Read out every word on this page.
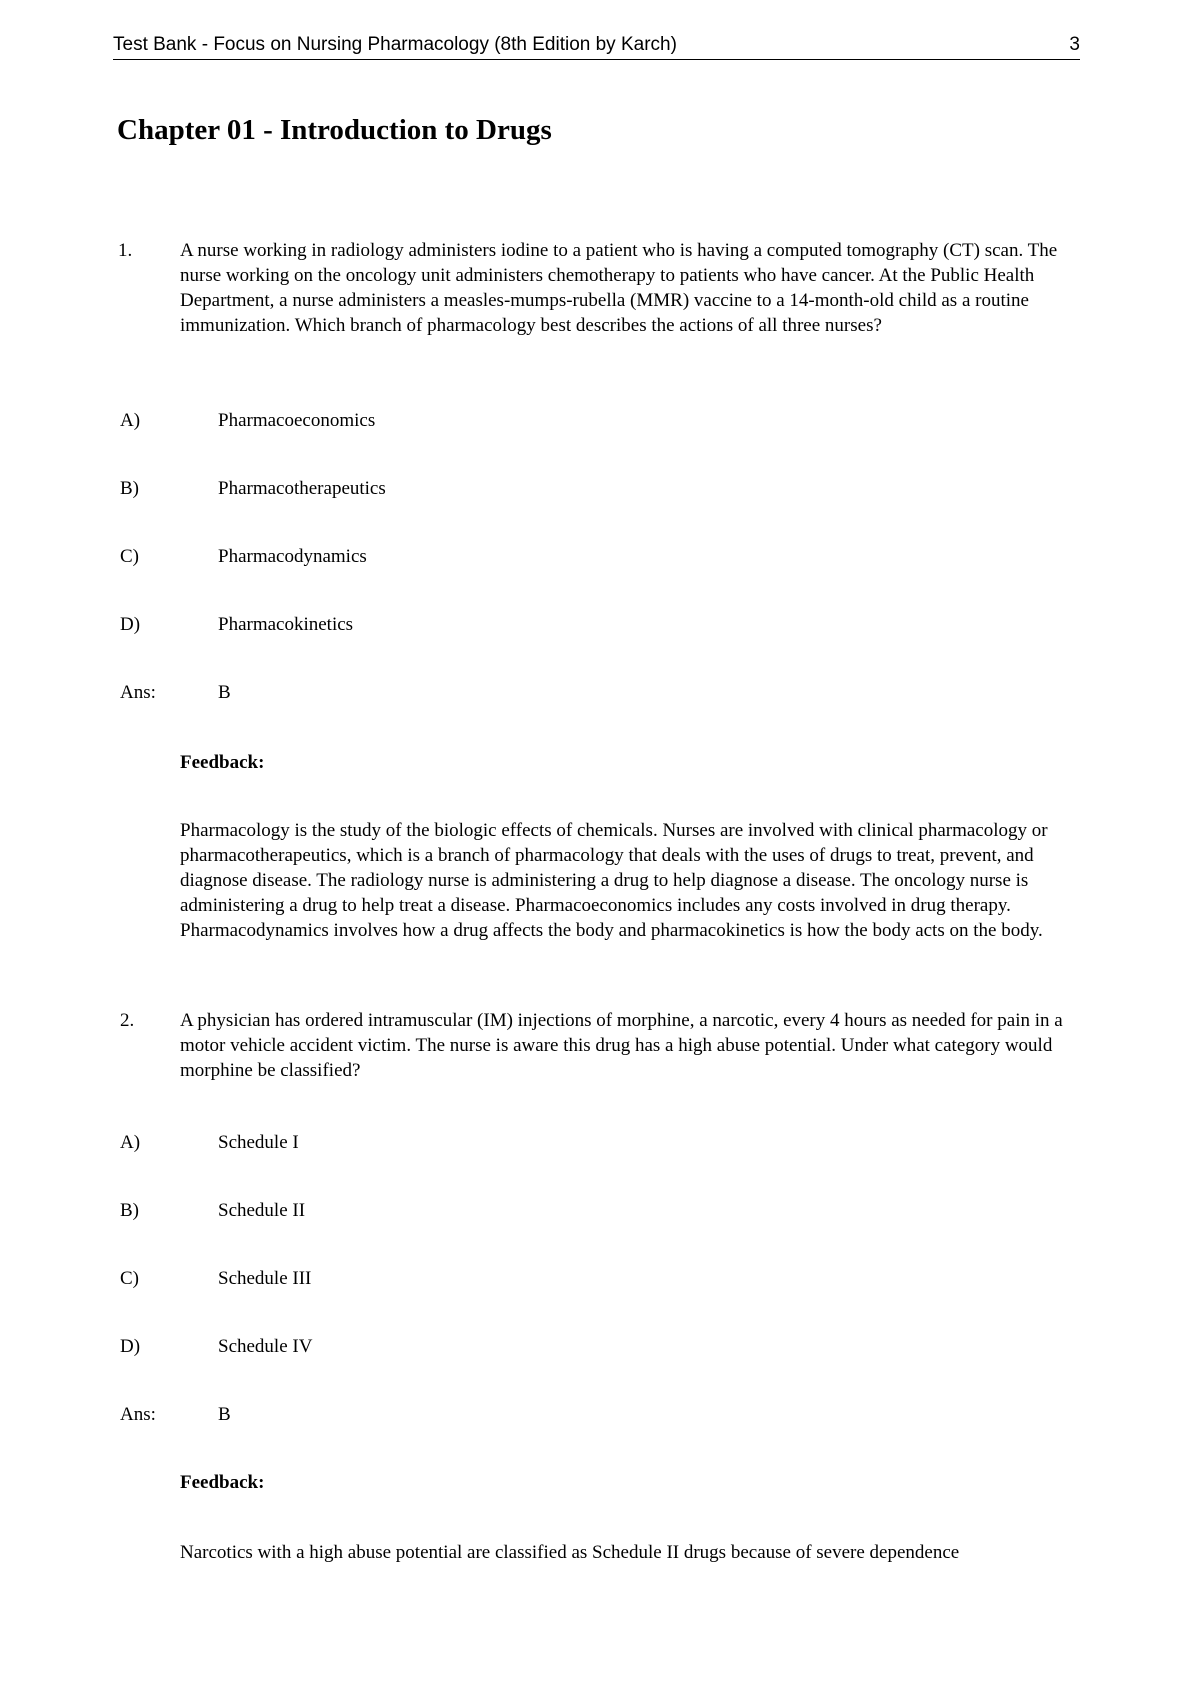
Test Bank - Focus on Nursing Pharmacology (8th Edition by Karch)	3
Chapter 01 - Introduction to Drugs
1.	A nurse working in radiology administers iodine to a patient who is having a computed tomography (CT) scan. The nurse working on the oncology unit administers chemotherapy to patients who have cancer. At the Public Health Department, a nurse administers a measles-mumps-rubella (MMR) vaccine to a 14-month-old child as a routine immunization. Which branch of pharmacology best describes the actions of all three nurses?
A)	Pharmacoeconomics
B)	Pharmacotherapeutics
C)	Pharmacodynamics
D)	Pharmacokinetics
Ans:	B
Feedback:
Pharmacology is the study of the biologic effects of chemicals. Nurses are involved with clinical pharmacology or pharmacotherapeutics, which is a branch of pharmacology that deals with the uses of drugs to treat, prevent, and diagnose disease. The radiology nurse is administering a drug to help diagnose a disease. The oncology nurse is administering a drug to help treat a disease. Pharmacoeconomics includes any costs involved in drug therapy. Pharmacodynamics involves how a drug affects the body and pharmacokinetics is how the body acts on the body.
2. A physician has ordered intramuscular (IM) injections of morphine, a narcotic, every 4 hours as needed for pain in a motor vehicle accident victim. The nurse is aware this drug has a high abuse potential. Under what category would morphine be classified?
A)	Schedule I
B)	Schedule II
C)	Schedule III
D)	Schedule IV
Ans:	B
Feedback:
Narcotics with a high abuse potential are classified as Schedule II drugs because of severe dependence
